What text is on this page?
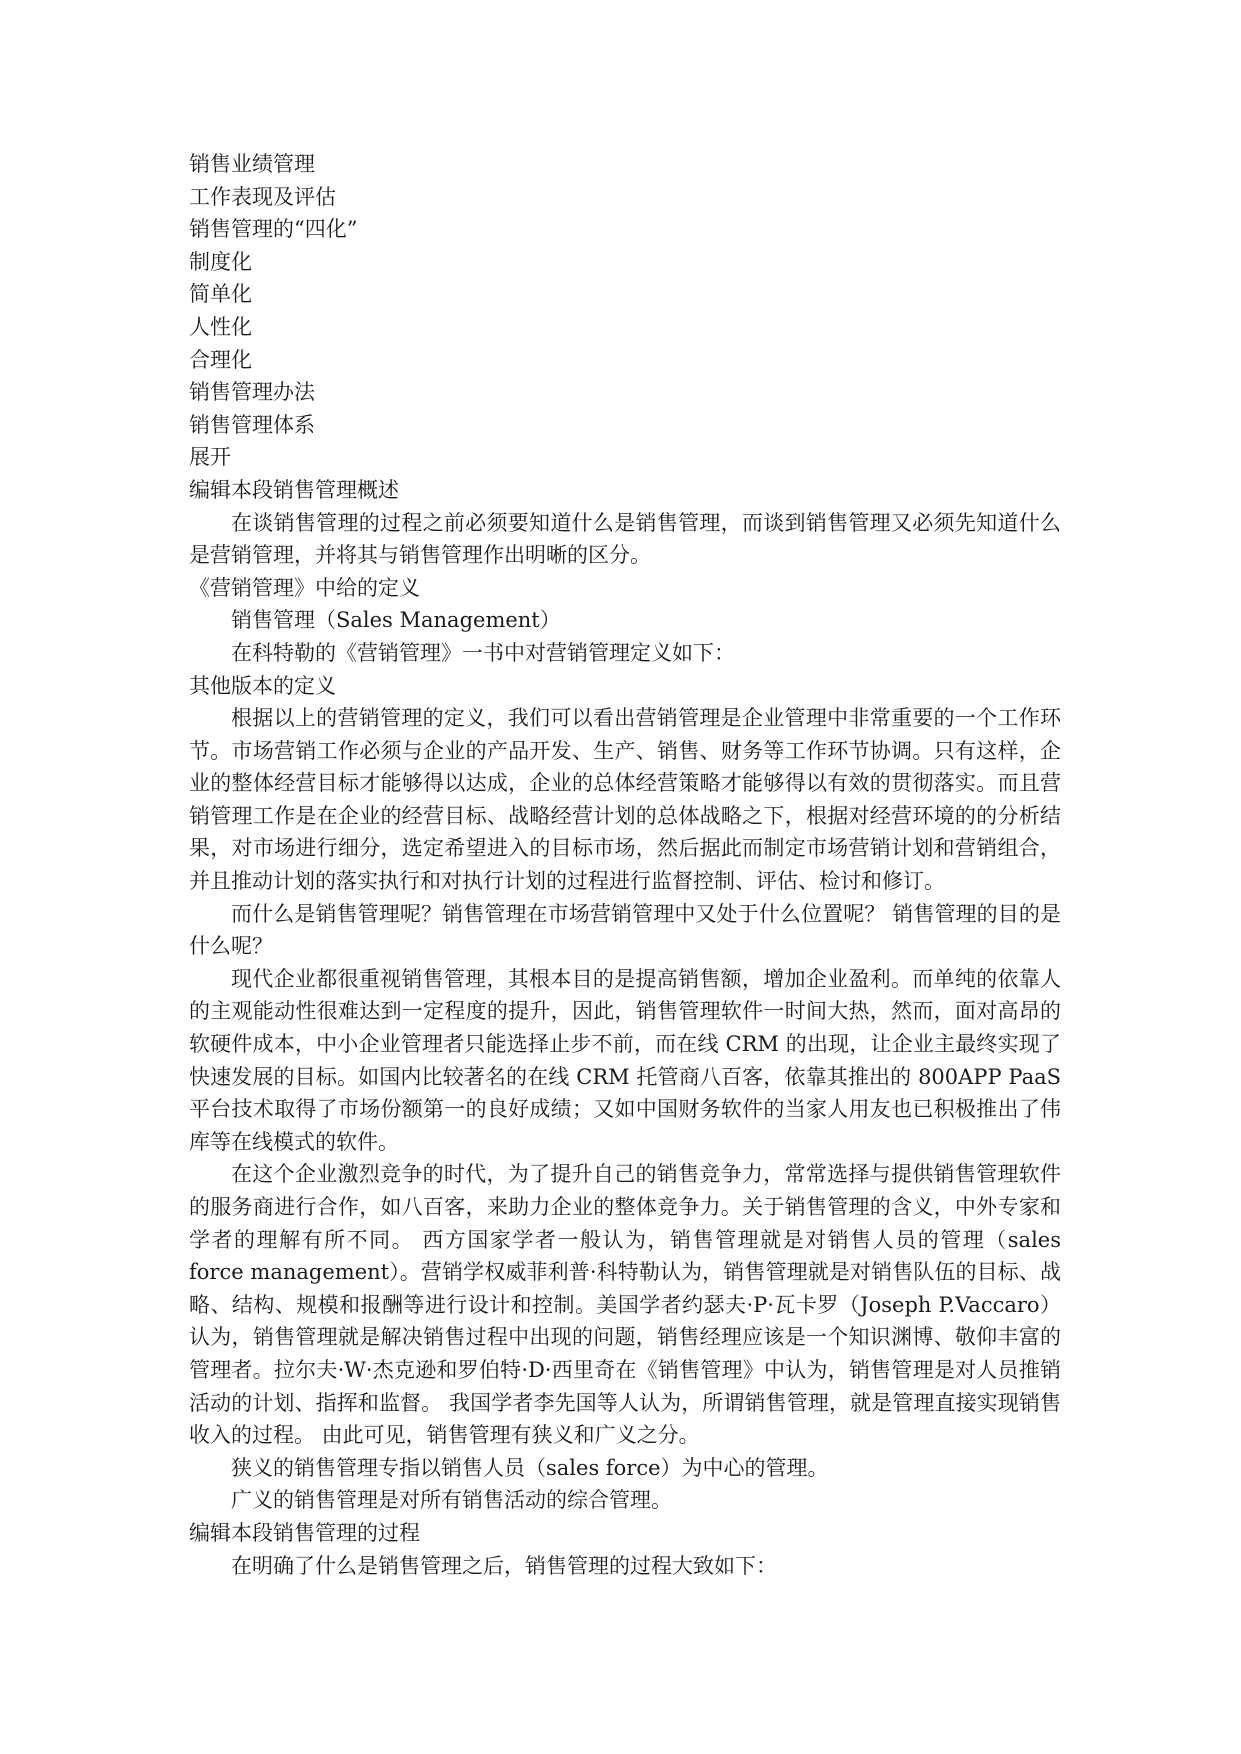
销售业绩管理

工作表现及评估

销售管理的“四化”

制度化

简单化

人性化

合理化

销售管理办法

销售管理体系

展开

编辑本段销售管理概述

在谈销售管理的过程之前必须要知道什么是销售管理，而谈到销售管理又必须先知道什么是营销管理，并将其与销售管理作出明晰的区分。

《营销管理》中给的定义

销售管理（Sales Management）

在科特勒的《营销管理》一书中对营销管理定义如下：

其他版本的定义

根据以上的营销管理的定义，我们可以看出营销管理是企业管理中非常重要的一个工作环节。市场营销工作必须与企业的产品开发、生产、销售、财务等工作环节协调。只有这样，企业的整体经营目标才能够得以达成，企业的总体经营策略才能够得以有效的贯彻落实。而且营销管理工作是在企业的经营目标、战略经营计划的总体战略之下，根据对经营环境的的分析结果，对市场进行细分，选定希望进入的目标市场，然后据此而制定市场营销计划和营销组合，并且推动计划的落实执行和对执行计划的过程进行监督控制、评估、检讨和修订。

而什么是销售管理呢？销售管理在市场营销管理中又处于什么位置呢？ 销售管理的目的是什么呢？

现代企业都很重视销售管理，其根本目的是提高销售额，增加企业盈利。而单纯的依靠人的主观能动性很难达到一定程度的提升，因此，销售管理软件一时间大热，然而，面对高昂的软硬件成本，中小企业管理者只能选择止步不前，而在线 CRM 的出现，让企业主最终实现了快速发展的目标。如国内比较著名的在线 CRM 托管商八百客，依靠其推出的 800APP PaaS 平台技术取得了市场份额第一的良好成绩；又如中国财务软件的当家人用友也已积极推出了伟库等在线模式的软件。

在这个企业激烈竞争的时代，为了提升自己的销售竞争力，常常选择与提供销售管理软件的服务商进行合作，如八百客，来助力企业的整体竞争力。关于销售管理的含义，中外专家和学者的理解有所不同。 西方国家学者一般认为，销售管理就是对销售人员的管理（sales force management）。营销学权威菲利普·科特勒认为，销售管理就是对销售队伍的目标、战略、结构、规模和报酬等进行设计和控制。美国学者约瑟夫·P·瓦卡罗（Joseph P.Vaccaro）认为，销售管理就是解决销售过程中出现的问题，销售经理应该是一个知识渊博、敬仰丰富的管理者。拉尔夫·W·杰克逊和罗伯特·D·西里奇在《销售管理》中认为，销售管理是对人员推销活动的计划、指挥和监督。 我国学者李先国等人认为，所谓销售管理，就是管理直接实现销售收入的过程。 由此可见，销售管理有狭义和广义之分。

狭义的销售管理专指以销售人员（sales force）为中心的管理。

广义的销售管理是对所有销售活动的综合管理。

编辑本段销售管理的过程

在明确了什么是销售管理之后，销售管理的过程大致如下：
